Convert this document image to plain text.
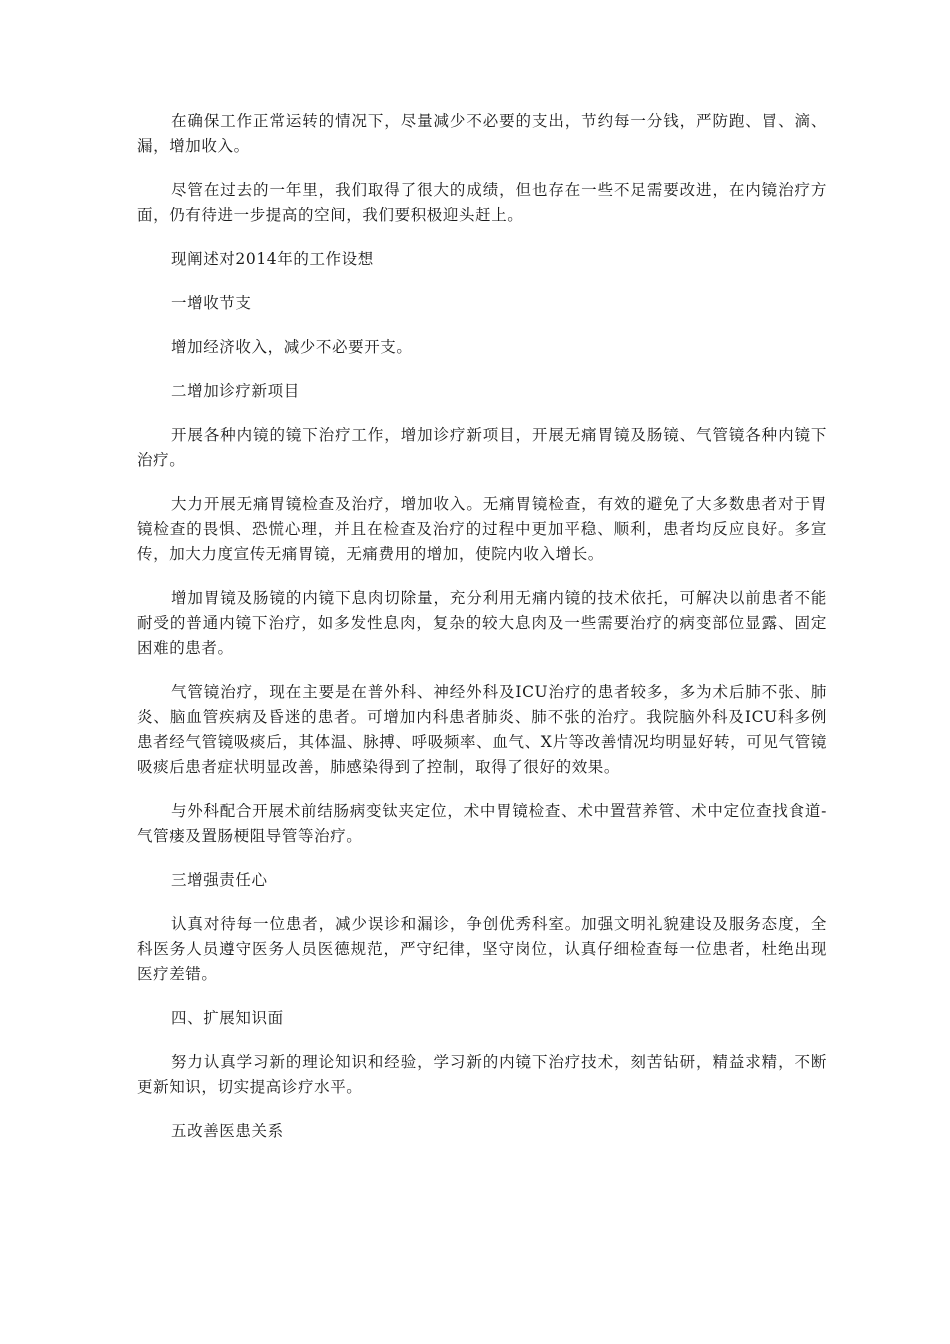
在确保工作正常运转的情况下，尽量减少不必要的支出，节约每一分钱，严防跑、冒、滴、漏，增加收入。

尽管在过去的一年里，我们取得了很大的成绩，但也存在一些不足需要改进，在内镜治疗方面，仍有待进一步提高的空间，我们要积极迎头赶上。

现阐述对2014年的工作设想

一增收节支

增加经济收入，减少不必要开支。

二增加诊疗新项目

开展各种内镜的镜下治疗工作，增加诊疗新项目，开展无痛胃镜及肠镜、气管镜各种内镜下治疗。

大力开展无痛胃镜检查及治疗，增加收入。无痛胃镜检查，有效的避免了大多数患者对于胃镜检查的畏惧、恐慌心理，并且在检查及治疗的过程中更加平稳、顺利，患者均反应良好。多宣传，加大力度宣传无痛胃镜，无痛费用的增加，使院内收入增长。

增加胃镜及肠镜的内镜下息肉切除量，充分利用无痛内镜的技术依托，可解决以前患者不能耐受的普通内镜下治疗，如多发性息肉，复杂的较大息肉及一些需要治疗的病变部位显露、固定困难的患者。

气管镜治疗，现在主要是在普外科、神经外科及ICU治疗的患者较多，多为术后肺不张、肺炎、脑血管疾病及昏迷的患者。可增加内科患者肺炎、肺不张的治疗。我院脑外科及ICU科多例患者经气管镜吸痰后，其体温、脉搏、呼吸频率、血气、X片等改善情况均明显好转，可见气管镜吸痰后患者症状明显改善，肺感染得到了控制，取得了很好的效果。

与外科配合开展术前结肠病变钛夹定位，术中胃镜检查、术中置营养管、术中定位查找食道-气管瘘及置肠梗阻导管等治疗。

三增强责任心

认真对待每一位患者，减少误诊和漏诊，争创优秀科室。加强文明礼貌建设及服务态度，全科医务人员遵守医务人员医德规范，严守纪律，坚守岗位，认真仔细检查每一位患者，杜绝出现医疗差错。

四、扩展知识面

努力认真学习新的理论知识和经验，学习新的内镜下治疗技术，刻苦钻研，精益求精，不断更新知识，切实提高诊疗水平。

五改善医患关系
